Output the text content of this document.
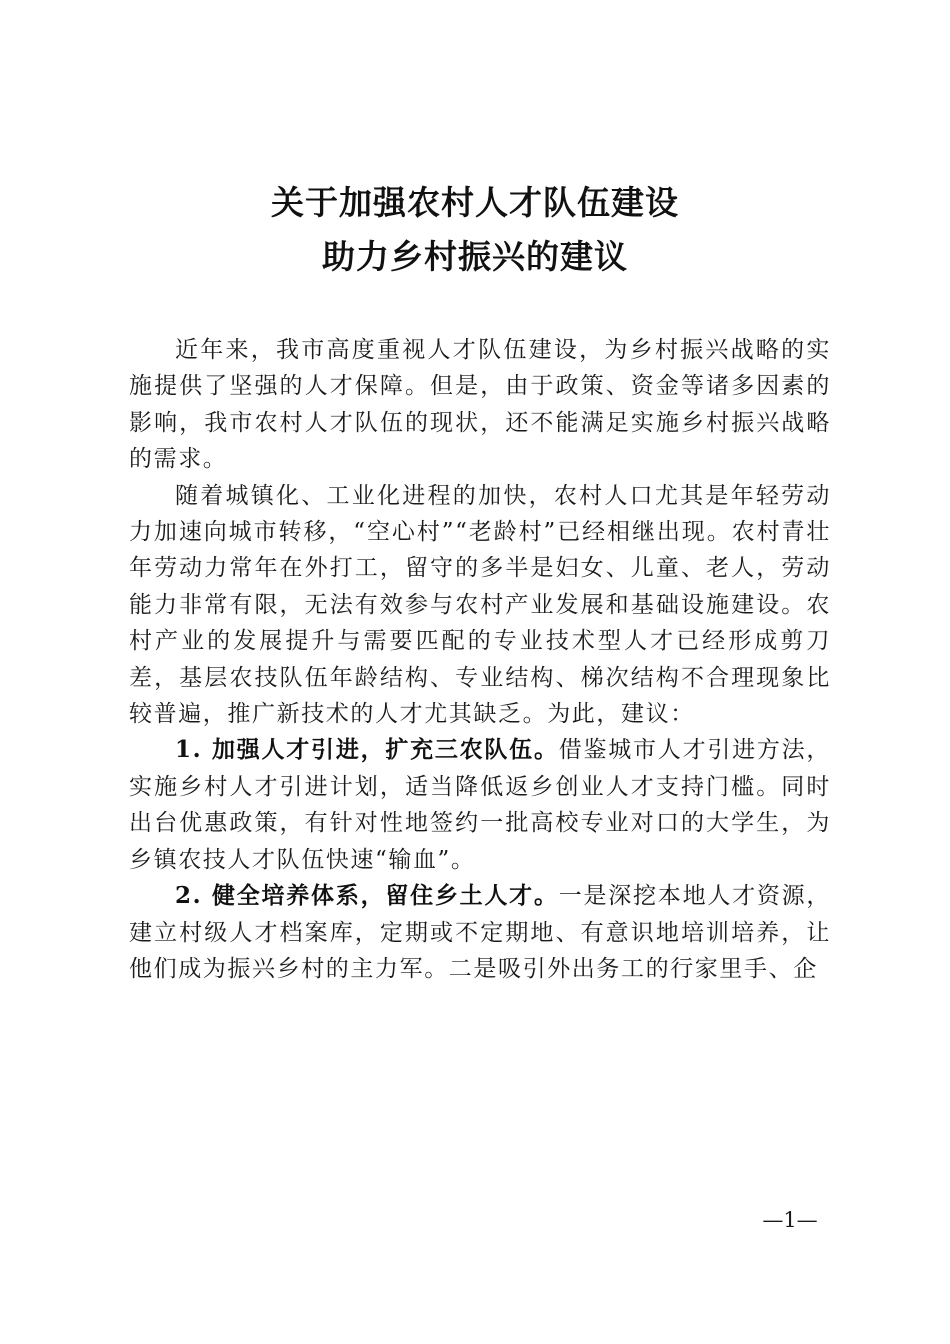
关于加强农村人才队伍建设
助力乡村振兴的建议

近年来，我市高度重视人才队伍建设，为乡村振兴战略的实施提供了坚强的人才保障。但是，由于政策、资金等诸多因素的影响，我市农村人才队伍的现状，还不能满足实施乡村振兴战略的需求。

随着城镇化、工业化进程的加快，农村人口尤其是年轻劳动力加速向城市转移，“空心村”“老龄村”已经相继出现。农村青壮年劳动力常年在外打工，留守的多半是妇女、儿童、老人，劳动能力非常有限，无法有效参与农村产业发展和基础设施建设。农村产业的发展提升与需要匹配的专业技术型人才已经形成剪刀差，基层农技队伍年龄结构、专业结构、梯次结构不合理现象比较普遍，推广新技术的人才尤其缺乏。为此，建议：

1. 加强人才引进，扩充三农队伍。借鉴城市人才引进方法，实施乡村人才引进计划，适当降低返乡创业人才支持门槛。同时出台优惠政策，有针对性地签约一批高校专业对口的大学生，为乡镇农技人才队伍快速“输血”。

2. 健全培养体系，留住乡土人才。一是深挖本地人才资源，建立村级人才档案库，定期或不定期地、有意识地培训培养，让他们成为振兴乡村的主力军。二是吸引外出务工的行家里手、企

—1—
